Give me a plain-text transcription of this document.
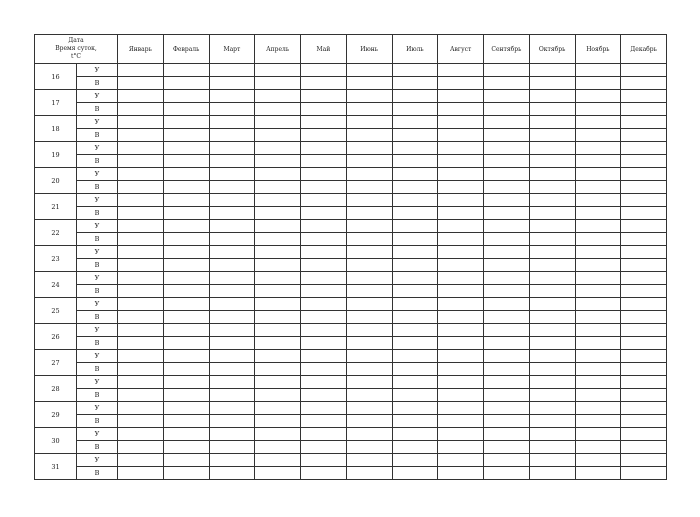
Дата
Время суток,
t°C		Январь	Февраль	Март	Апрель	Май	Июнь	Июль	Август	Сентябрь	Октябрь	Ноябрь	Декабрь
16	У												
	В												
17	У												
	В												
18	У												
	В												
19	У												
	В												
20	У												
	В												
21	У												
	В												
22	У												
	В												
23	У												
	В												
24	У												
	В												
25	У												
	В												
26	У												
	В												
27	У												
	В												
28	У												
	В												
29	У												
	В												
30	У												
	В												
31	У												
	В												
